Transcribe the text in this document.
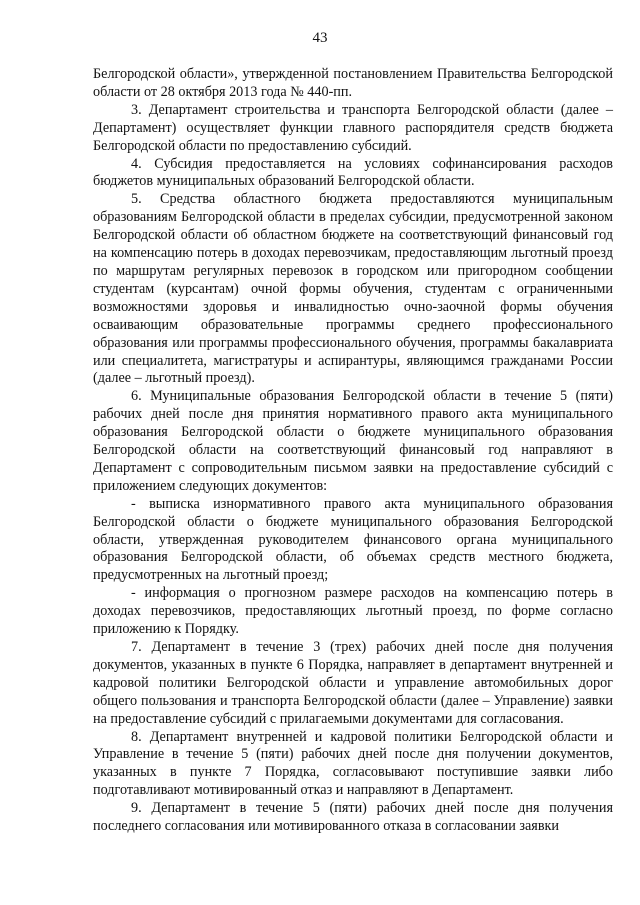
43

Белгородской области», утвержденной постановлением Правительства Белгородской области от 28 октября 2013 года № 440-пп.

3. Департамент строительства и транспорта Белгородской области (далее – Департамент) осуществляет функции главного распорядителя средств бюджета Белгородской области по предоставлению субсидий.

4. Субсидия предоставляется на условиях софинансирования расходов бюджетов муниципальных образований Белгородской области.

5. Средства областного бюджета предоставляются муниципальным образованиям Белгородской области в пределах субсидии, предусмотренной законом Белгородской области об областном бюджете на соответствующий финансовый год на компенсацию потерь в доходах перевозчикам, предоставляющим льготный проезд по маршрутам регулярных перевозок в городском или пригородном сообщении студентам (курсантам) очной формы обучения, студентам с ограниченными возможностями здоровья и инвалидностью очно-заочной формы обучения осваивающим образовательные программы среднего профессионального образования или программы профессионального обучения, программы бакалавриата или специалитета, магистратуры и аспирантуры, являющимся гражданами России (далее – льготный проезд).

6. Муниципальные образования Белгородской области в течение 5 (пяти) рабочих дней после дня принятия нормативного правого акта муниципального образования Белгородской области о бюджете муниципального образования Белгородской области на соответствующий финансовый год направляют в Департамент с сопроводительным письмом заявки на предоставление субсидий с приложением следующих документов:

- выписка изнормативного правого акта муниципального образования Белгородской области о бюджете муниципального образования Белгородской области, утвержденная руководителем финансового органа муниципального образования Белгородской области, об объемах средств местного бюджета, предусмотренных на льготный проезд;

- информация о прогнозном размере расходов на компенсацию потерь в доходах перевозчиков, предоставляющих льготный проезд, по форме согласно приложению к Порядку.

7. Департамент в течение 3 (трех) рабочих дней после дня получения документов, указанных в пункте 6 Порядка, направляет в департамент внутренней и кадровой политики Белгородской области и управление автомобильных дорог общего пользования и транспорта Белгородской области (далее – Управление) заявки на предоставление субсидий с прилагаемыми документами для согласования.

8. Департамент внутренней и кадровой политики Белгородской области и Управление в течение 5 (пяти) рабочих дней после дня получении документов, указанных в пункте 7 Порядка, согласовывают поступившие заявки либо подготавливают мотивированный отказ и направляют в Департамент.

9. Департамент в течение 5 (пяти) рабочих дней после дня получения последнего согласования или мотивированного отказа в согласовании заявки
